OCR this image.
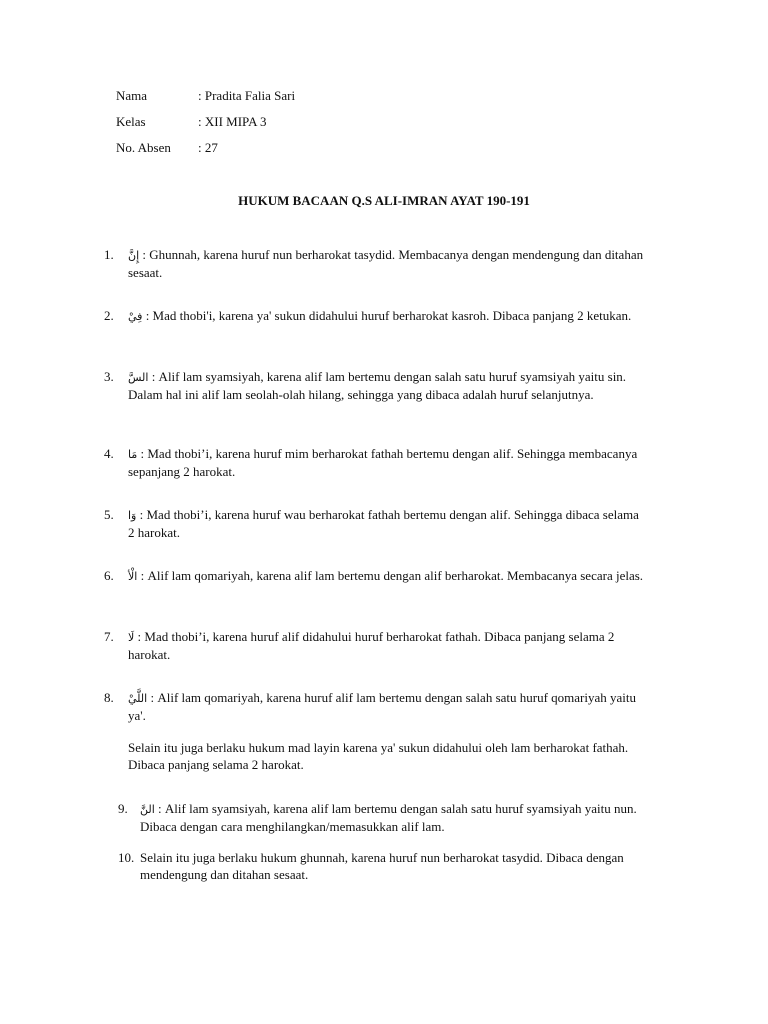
Nama	: Pradita Falia Sari
Kelas	: XII MIPA 3
No. Absen : 27
HUKUM BACAAN Q.S ALI-IMRAN AYAT 190-191
1. إِنَّ : Ghunnah, karena huruf nun berharokat tasydid. Membacanya dengan mendengung dan ditahan sesaat.
2. فِيْ : Mad thobi'i, karena ya' sukun didahului huruf berharokat kasroh. Dibaca panjang 2 ketukan.
3. السَّ : Alif lam syamsiyah, karena alif lam bertemu dengan salah satu huruf syamsiyah yaitu sin. Dalam hal ini alif lam seolah-olah hilang, sehingga yang dibaca adalah huruf selanjutnya.
4. مَا : Mad thobi’i, karena huruf mim berharokat fathah bertemu dengan alif. Sehingga membacanya sepanjang 2 harokat.
5. وَا : Mad thobi’i, karena huruf wau berharokat fathah bertemu dengan alif. Sehingga dibaca selama 2 harokat.
6. الْأ : Alif lam qomariyah, karena alif lam bertemu dengan alif berharokat. Membacanya secara jelas.
7. لَا : Mad thobi’i, karena huruf alif didahului huruf berharokat fathah. Dibaca panjang selama 2 harokat.
8. اللَّيْ : Alif lam qomariyah, karena huruf alif lam bertemu dengan salah satu huruf qomariyah yaitu ya'.
Selain itu juga berlaku hukum mad layin karena ya' sukun didahului oleh lam berharokat fathah. Dibaca panjang selama 2 harokat.
9. النَّ : Alif lam syamsiyah, karena alif lam bertemu dengan salah satu huruf syamsiyah yaitu nun. Dibaca dengan cara menghilangkan/memasukkan alif lam.
10. Selain itu juga berlaku hukum ghunnah, karena huruf nun berharokat tasydid. Dibaca dengan mendengung dan ditahan sesaat.
